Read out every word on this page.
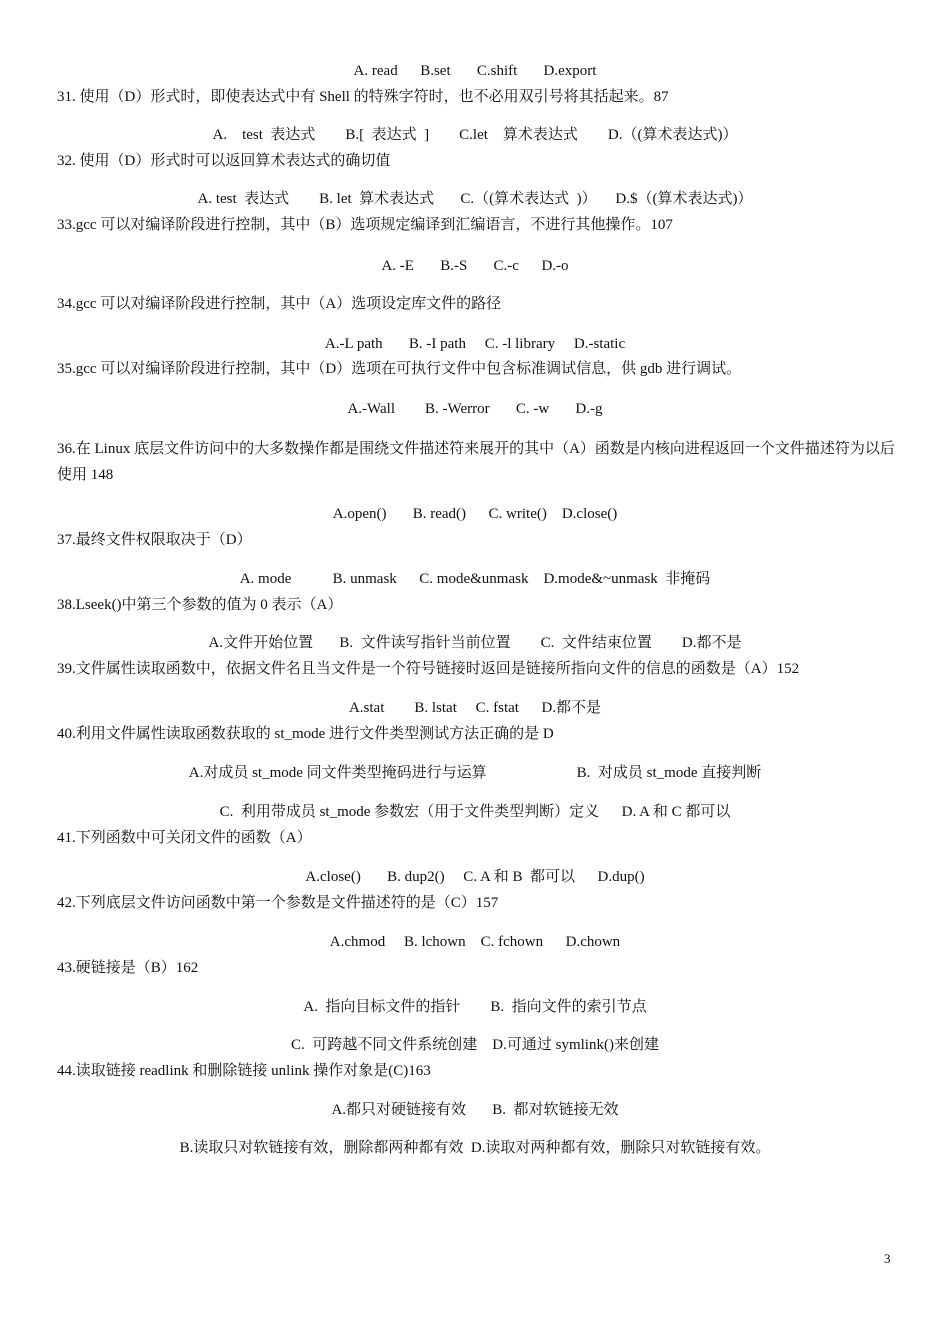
A. read      B.set       C.shift       D.export
31. 使用（D）形式时，即使表达式中有 Shell 的特殊字符时，也不必用双引号将其括起来。87
A.    test  表达式        B.[  表达式  ]        C.let    算术表达式        D.（(算术表达式)）
32. 使用（D）形式时可以返回算术表达式的确切值
A. test  表达式        B. let  算术表达式       C.（(算术表达式  )）     D.$（(算术表达式)）
33.gcc 可以对编译阶段进行控制，其中（B）选项规定编译到汇编语言，不进行其他操作。107
A. -E       B.-S       C.-c      D.-o
34.gcc 可以对编译阶段进行控制，其中（A）选项设定库文件的路径
A.-L path       B. -I path     C. -l library     D.-static
35.gcc 可以对编译阶段进行控制，其中（D）选项在可执行文件中包含标准调试信息，供 gdb 进行调试。
A.-Wall        B. -Werror       C. -w       D.-g
36.在 Linux 底层文件访问中的大多数操作都是围绕文件描述符来展开的其中（A）函数是内核向进程返回一个文件描述符为以后使用 148
A.open()       B. read()      C. write()    D.close()
37.最终文件权限取决于（D）
A. mode           B. unmask      C. mode&unmask    D.mode&~unmask  非掩码
38.Lseek()中第三个参数的值为 0 表示（A）
A.文件开始位置       B.  文件读写指针当前位置        C.  文件结束位置        D.都不是
39.文件属性读取函数中，依据文件名且当文件是一个符号链接时返回是链接所指向文件的信息的函数是（A）152
A.stat        B. lstat     C. fstat      D.都不是
40.利用文件属性读取函数获取的 st_mode 进行文件类型测试方法正确的是 D
A.对成员 st_mode 同文件类型掩码进行与运算                        B.  对成员 st_mode 直接判断
C.  利用带成员 st_mode 参数宏（用于文件类型判断）定义      D. A 和 C 都可以
41.下列函数中可关闭文件的函数（A）
A.close()       B. dup2()     C. A 和 B  都可以      D.dup()
42.下列底层文件访问函数中第一个参数是文件描述符的是（C）157
A.chmod     B. lchown    C. fchown      D.chown
43.硬链接是（B）162
A.  指向目标文件的指针        B.  指向文件的索引节点
C.  可跨越不同文件系统创建    D.可通过 symlink()来创建
44.读取链接 readlink 和删除链接 unlink 操作对象是(C)163
A.都只对硬链接有效       B.  都对软链接无效
B.读取只对软链接有效，删除都两种都有效  D.读取对两种都有效，删除只对软链接有效。
3
